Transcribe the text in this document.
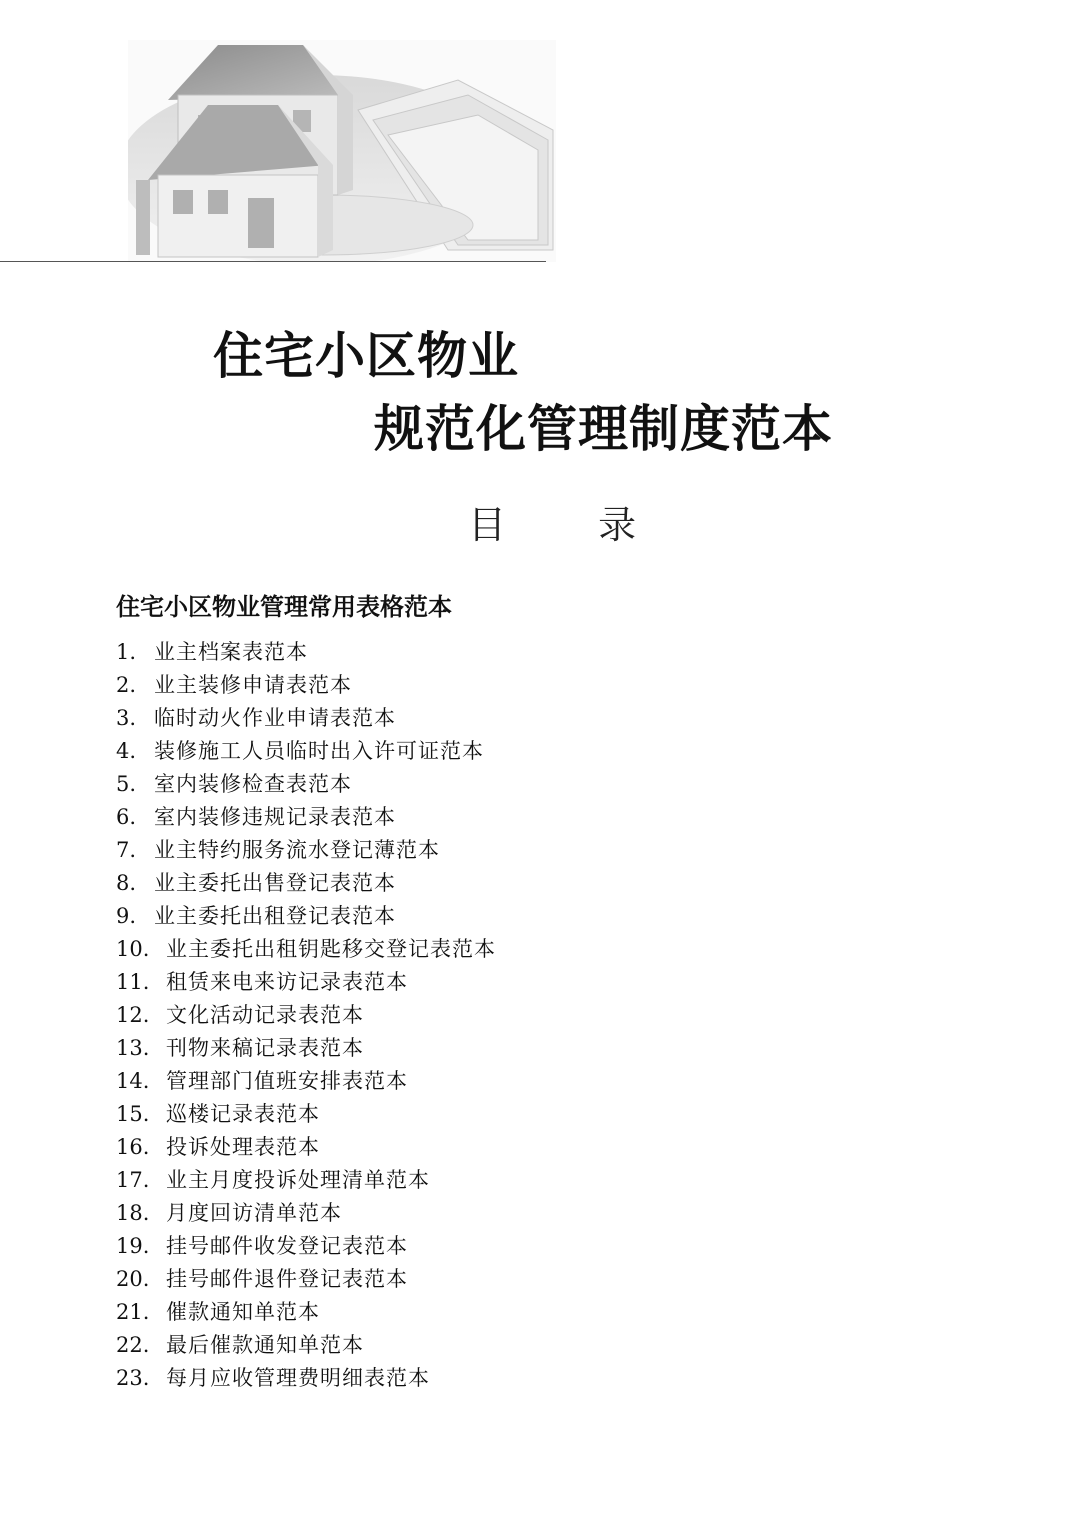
住宅小区物业
规范化管理制度范本
目 录
住宅小区物业管理常用表格范本
1. 业主档案表范本
2. 业主装修申请表范本
3. 临时动火作业申请表范本
4. 装修施工人员临时出入许可证范本
5. 室内装修检查表范本
6. 室内装修违规记录表范本
7. 业主特约服务流水登记薄范本
8. 业主委托出售登记表范本
9. 业主委托出租登记表范本
10. 业主委托出租钥匙移交登记表范本
11. 租赁来电来访记录表范本
12. 文化活动记录表范本
13. 刊物来稿记录表范本
14. 管理部门值班安排表范本
15. 巡楼记录表范本
16. 投诉处理表范本
17. 业主月度投诉处理清单范本
18. 月度回访清单范本
19. 挂号邮件收发登记表范本
20. 挂号邮件退件登记表范本
21. 催款通知单范本
22. 最后催款通知单范本
23. 每月应收管理费明细表范本
